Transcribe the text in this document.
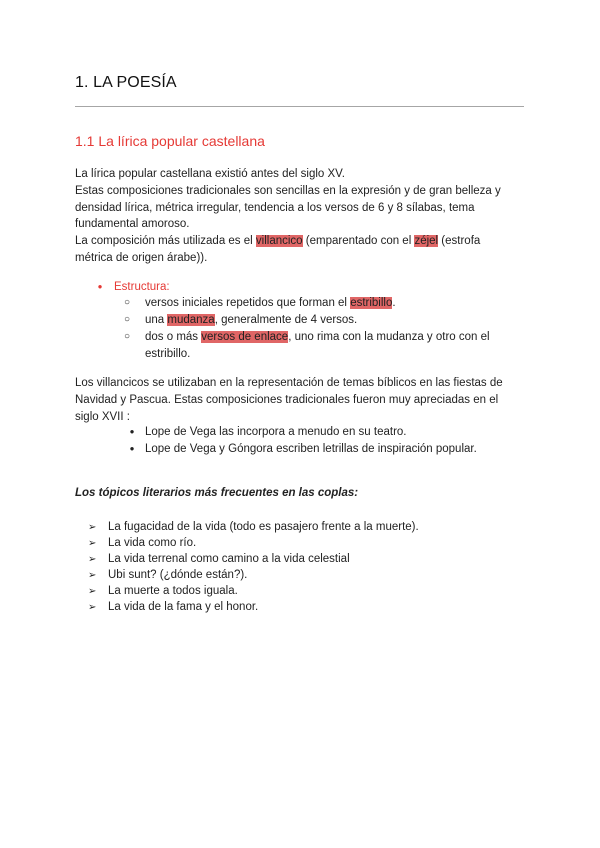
1. LA POESÍA
1.1 La lírica popular castellana
La lírica popular castellana existió antes del siglo XV.
Estas composiciones tradicionales son sencillas en la expresión y de gran belleza y
densidad lírica, métrica irregular, tendencia a los versos de 6 y 8 sílabas, tema
fundamental amoroso.
La composición más utilizada es el villancico (emparentado con el zéjel (estrofa
métrica de origen árabe)).
● Estructura:
○	versos iniciales repetidos que forman el estribillo.
○	una mudanza, generalmente de 4 versos.
○	dos o más versos de enlace, uno rima con la mudanza y otro con el estribillo.
Los villancicos se utilizaban en la representación de temas bíblicos en las fiestas de
Navidad y Pascua. Estas composiciones tradicionales fueron muy apreciadas en el
siglo XVII :
● Lope de Vega las incorpora a menudo en su teatro.
● Lope de Vega y Góngora escriben letrillas de inspiración popular.

Los tópicos literarios más frecuentes en las coplas:

➢ La fugacidad de la vida (todo es pasajero frente a la muerte).
➢ La vida como río.
➢ La vida terrenal como camino a la vida celestial
➢ Ubi sunt? (¿dónde están?).
➢ La muerte a todos iguala.
➢ La vida de la fama y el honor.
